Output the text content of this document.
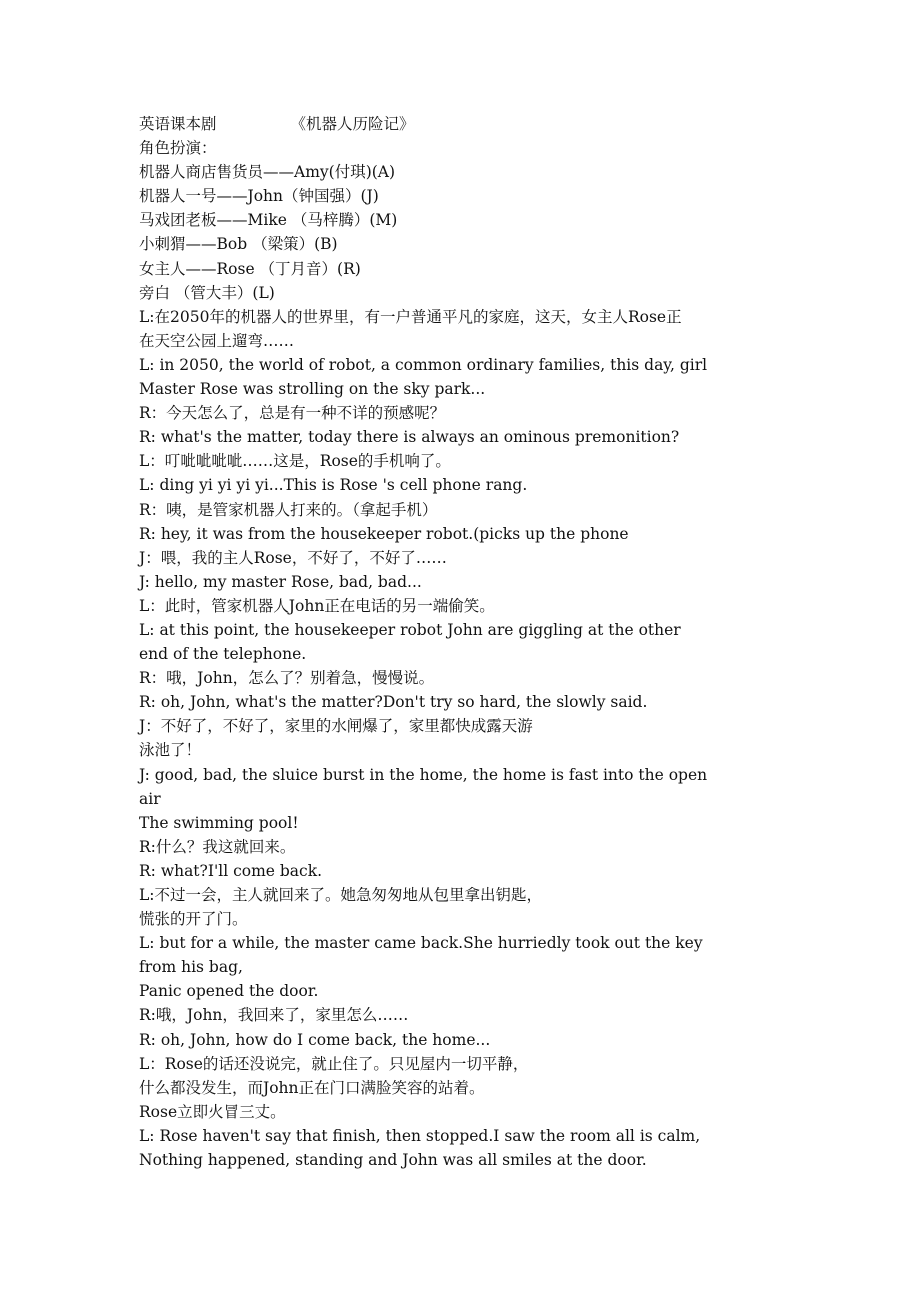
英语课本剧	《机器人历险记》
角色扮演：
机器人商店售货员——Amy(付琪)(A)
机器人一号——John（钟国强）(J)
马戏团老板——Mike （马梓腾）(M)
小刺猬——Bob （梁策）(B)
女主人——Rose （丁月音）(R)
旁白 （管大丰）(L)
L:在2050年的机器人的世界里，有一户普通平凡的家庭，这天，女主人Rose正
在天空公园上遛弯……
L: in 2050, the world of robot, a common ordinary families, this day, girl
Master Rose was strolling on the sky park...
R：今天怎么了，总是有一种不详的预感呢？
R: what's the matter, today there is always an ominous premonition?
L：叮呲呲呲呲……这是，Rose的手机响了。
L: ding yi yi yi yi...This is Rose 's cell phone rang.
R：咦，是管家机器人打来的。（拿起手机）
R: hey, it was from the housekeeper robot.(picks up the phone
J：喂，我的主人Rose，不好了，不好了……
J: hello, my master Rose, bad, bad...
L：此时，管家机器人John正在电话的另一端偷笑。
L: at this point, the housekeeper robot John are giggling at the other
end of the telephone.
R：哦，John，怎么了？别着急，慢慢说。
R: oh, John, what's the matter?Don't try so hard, the slowly said.
J：不好了，不好了，家里的水闸爆了，家里都快成露天游
泳池了！
J: good, bad, the sluice burst in the home, the home is fast into the open
air
The swimming pool!
R:什么？我这就回来。
R: what?I'll come back.
L:不过一会，主人就回来了。她急匆匆地从包里拿出钥匙，
慌张的开了门。
L: but for a while, the master came back.She hurriedly took out the key
from his bag,
Panic opened the door.
R:哦，John，我回来了，家里怎么……
R: oh, John, how do I come back, the home...
L：Rose的话还没说完，就止住了。只见屋内一切平静，
什么都没发生，而John正在门口满脸笑容的站着。
Rose立即火冒三丈。
L: Rose haven't say that finish, then stopped.I saw the room all is calm,
Nothing happened, standing and John was all smiles at the door.
